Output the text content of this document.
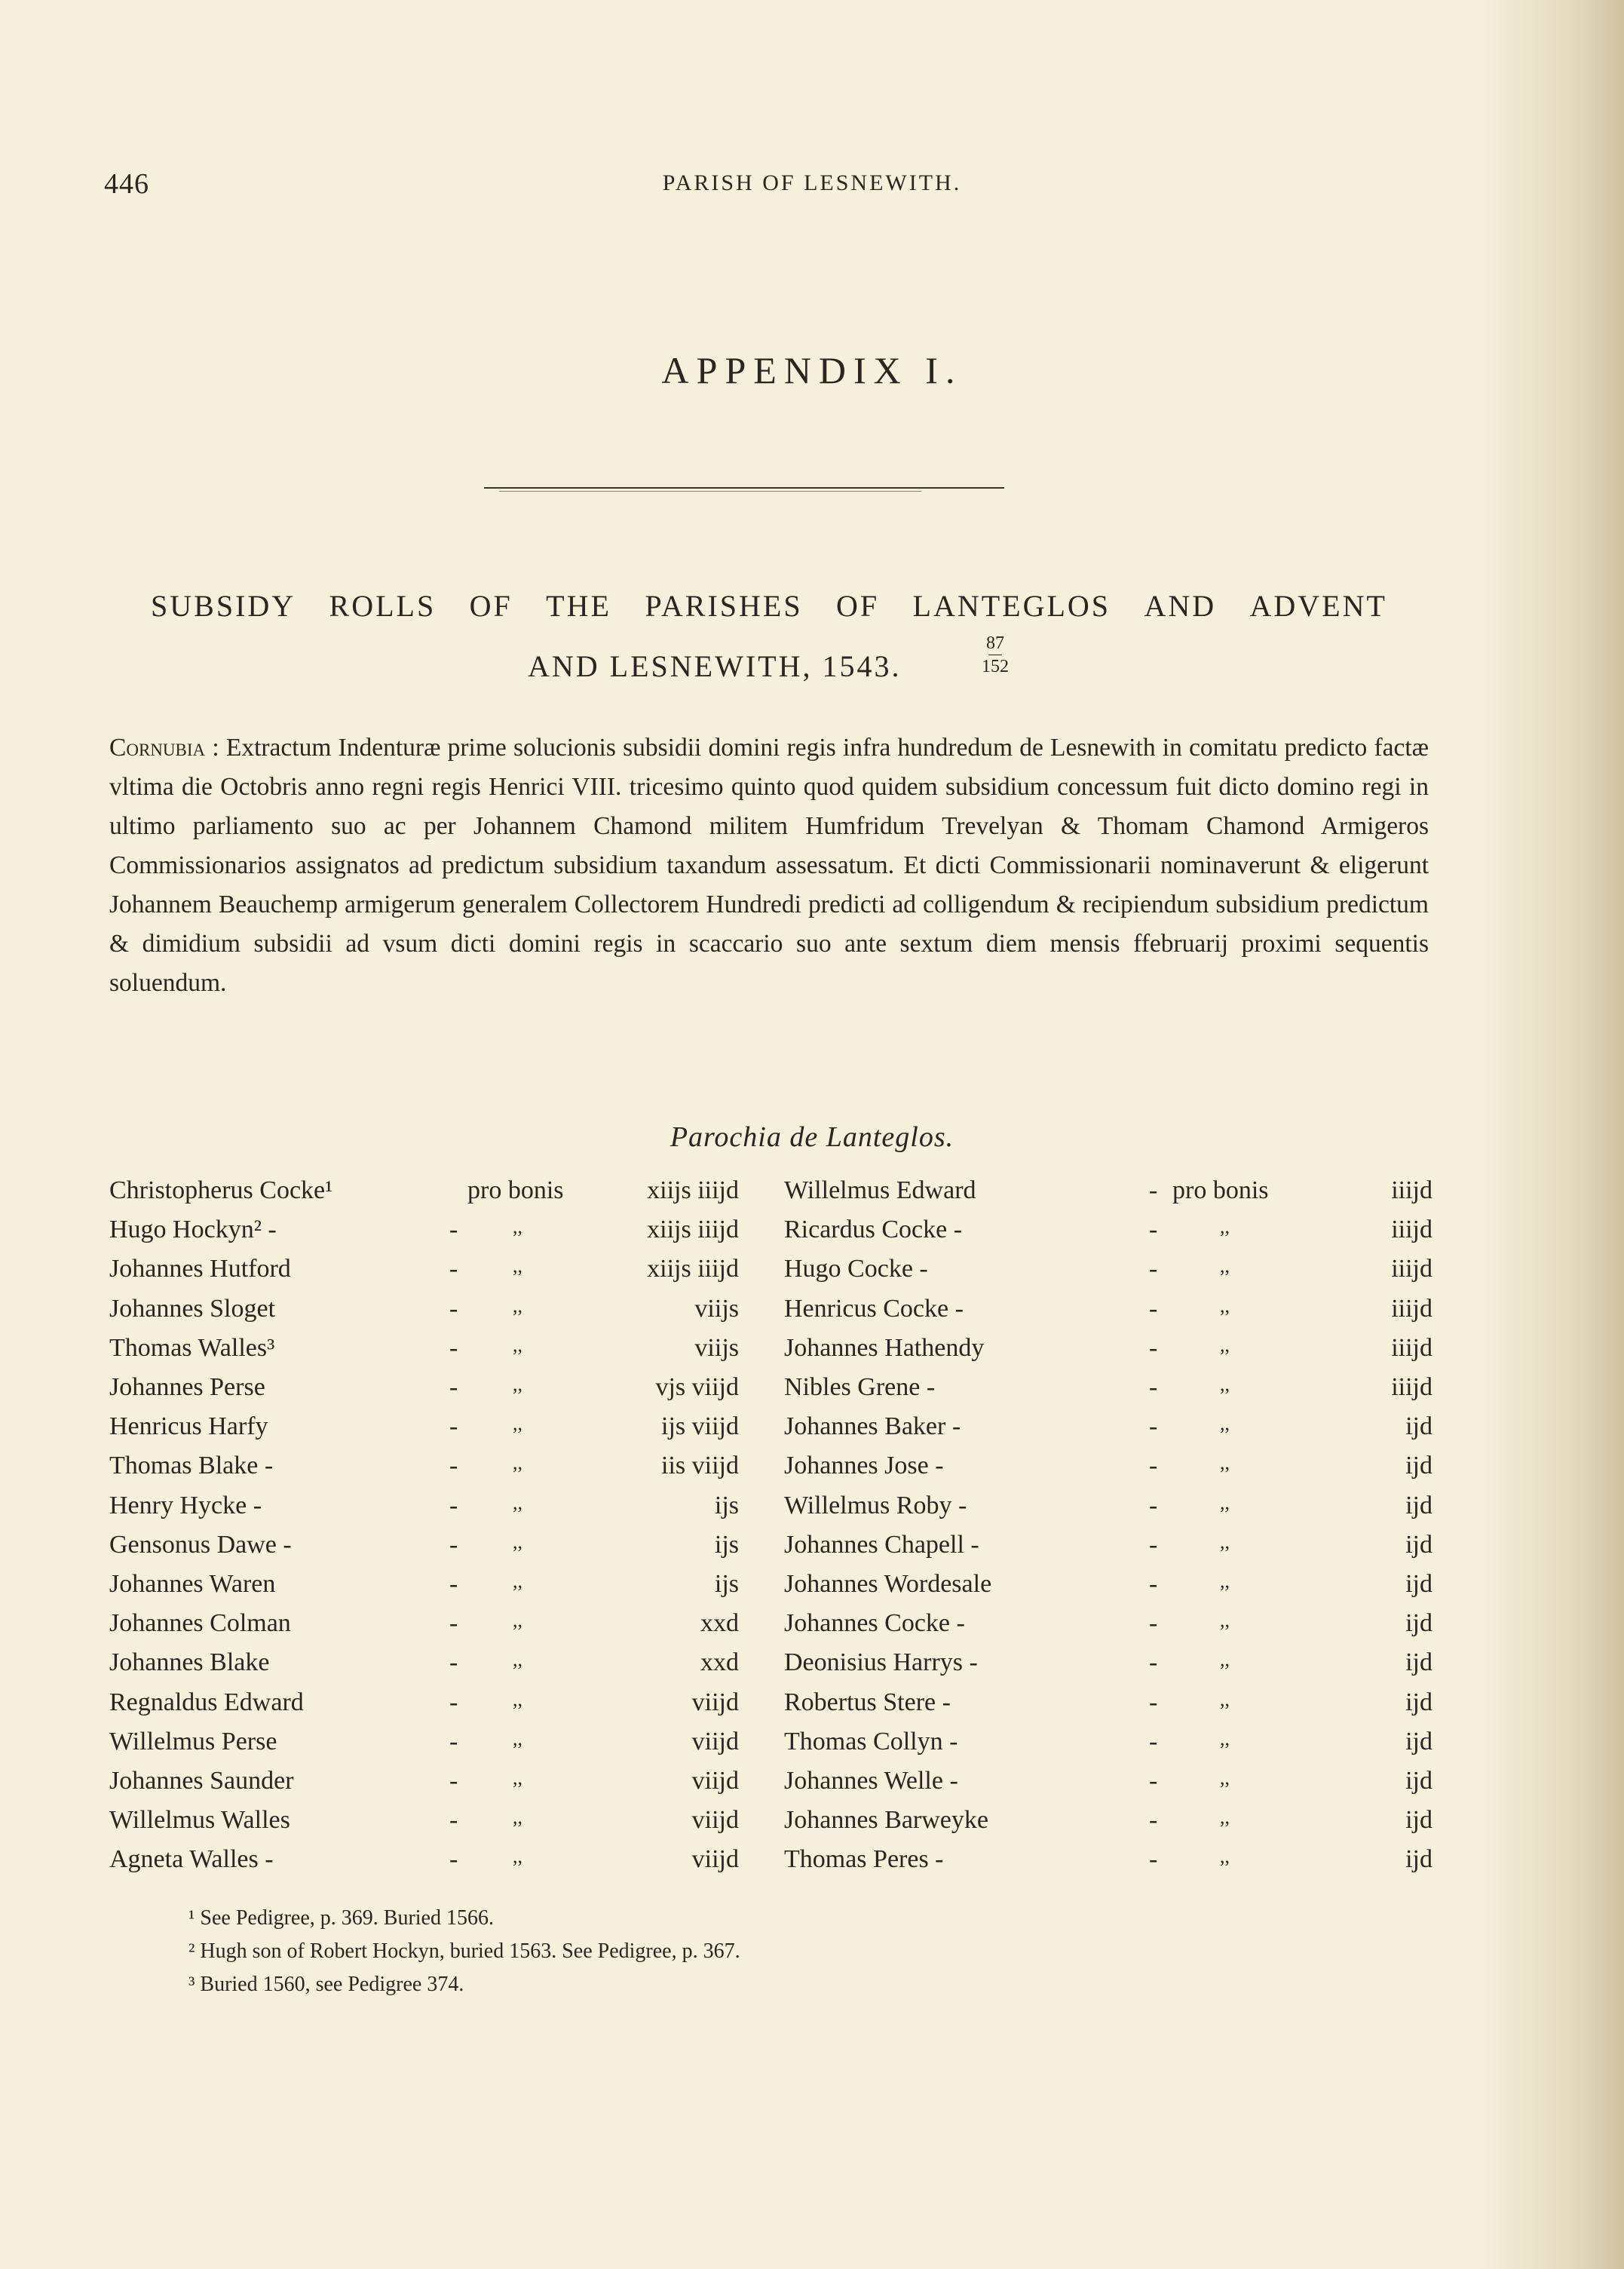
446	PARISH OF LESNEWITH.
APPENDIX I.
SUBSIDY ROLLS OF THE PARISHES OF LANTEGLOS AND ADVENT
AND LESNEWITH, 1543.
87
152
Cornubia : Extractum Indenturæ prime solucionis subsidii domini regis infra hundredum de Lesnewith in comitatu predicto factæ vltima die Octobris anno regni regis Henrici VIII. tricesimo quinto quod quidem subsidium concessum fuit dicto domino regi in ultimo parliamento suo ac per Johannem Chamond militem Humfridum Trevelyan & Thomam Chamond Armigeros Commissionarios assignatos ad predictum subsidium taxandum assessatum. Et dicti Commissionarii nominaverunt & eligerunt Johannem Beauchemp armigerum generalem Collectorem Hundredi predicti ad colligendum & recipiendum subsidium predictum & dimidium subsidii ad vsum dicti domini regis in scaccario suo ante sextum diem mensis ffebruarij proximi sequentis soluendum.
Parochia de Lanteglos.
Christopherus Cocke¹	pro bonis	xiijs iiijd Willelmus Edward	- pro bonis	iiijd
Hugo Hockyn² -	-	,,	xiijs iiijd Ricardus Cocke -	-	,,	iiijd
Johannes Hutford	-	,,	xiijs iiijd Hugo Cocke -	-	,,	iiijd
Johannes Sloget	-	,,	viijs Henricus Cocke -	-	,,	iiijd
Thomas Walles³	-	,,	viijs Johannes Hathendy	-	,,	iiijd
Johannes Perse	-	,,	vjs viijd Nibles Grene -	-	,,	iiijd
Henricus Harfy	-	,,	ijs viijd Johannes Baker -	-	,,	ijd
Thomas Blake -	-	,,	iis viijd Johannes Jose -	-	,,	ijd
Henry Hycke -	-	,,	ijs Willelmus Roby -	-	,,	ijd
Gensonus Dawe -	-	,,	ijs Johannes Chapell -	-	,,	ijd
Johannes Waren	-	,,	ijs Johannes Wordesale	-	,,	ijd
Johannes Colman	-	,,	xxd Johannes Cocke -	-	,,	ijd
Johannes Blake	-	,,	xxd Deonisius Harrys -	-	,,	ijd
Regnaldus Edward	-	,,	viijd Robertus Stere -	-	,,	ijd
Willelmus Perse	-	,,	viijd Thomas Collyn -	-	,,	ijd
Johannes Saunder	-	,,	viijd Johannes Welle -	-	,,	ijd
Willelmus Walles	-	,,	viijd Johannes Barweyke	-	,,	ijd
Agneta Walles -	-	,,	viijd Thomas Peres -	-	,,	ijd
¹ See Pedigree, p. 369. Buried 1566.
² Hugh son of Robert Hockyn, buried 1563. See Pedigree, p. 367.
³ Buried 1560, see Pedigree 374.
